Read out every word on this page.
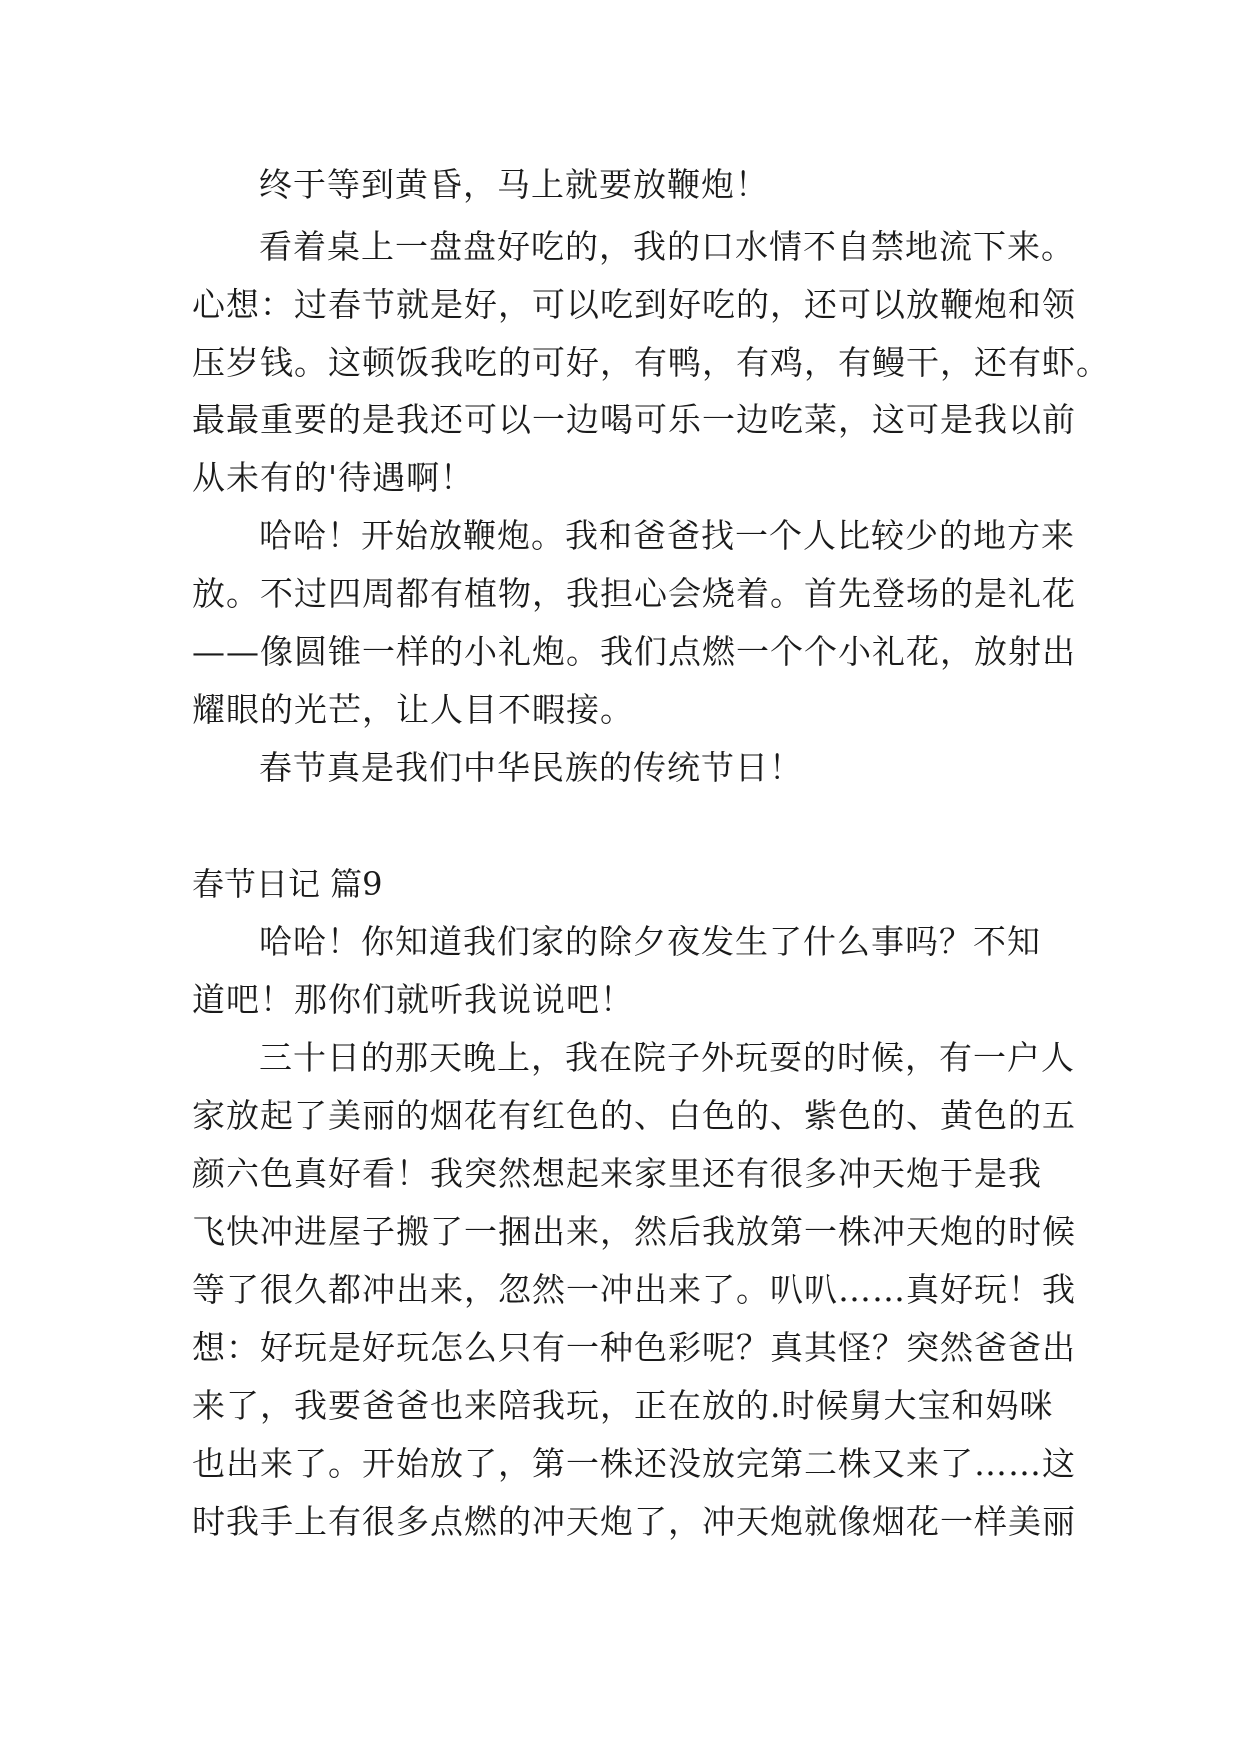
终于等到黄昏，马上就要放鞭炮！
看着桌上一盘盘好吃的，我的口水情不自禁地流下来。
心想：过春节就是好，可以吃到好吃的，还可以放鞭炮和领
压岁钱。这顿饭我吃的可好，有鸭，有鸡，有鳗干，还有虾。
最最重要的是我还可以一边喝可乐一边吃菜，这可是我以前
从未有的'待遇啊！
哈哈！开始放鞭炮。我和爸爸找一个人比较少的地方来
放。不过四周都有植物，我担心会烧着。首先登场的是礼花
——像圆锥一样的小礼炮。我们点燃一个个小礼花，放射出
耀眼的光芒，让人目不暇接。
春节真是我们中华民族的传统节日！
春节日记 篇9
哈哈！你知道我们家的除夕夜发生了什么事吗？不知
道吧！那你们就听我说说吧！
三十日的那天晚上，我在院子外玩耍的时候，有一户人
家放起了美丽的烟花有红色的、白色的、紫色的、黄色的五
颜六色真好看！我突然想起来家里还有很多冲天炮于是我
飞快冲进屋子搬了一捆出来，然后我放第一株冲天炮的时候
等了很久都冲出来，忽然一冲出来了。叭叭……真好玩！我
想：好玩是好玩怎么只有一种色彩呢？真其怪？突然爸爸出
来了，我要爸爸也来陪我玩，正在放的.时候舅大宝和妈咪
也出来了。开始放了，第一株还没放完第二株又来了……这
时我手上有很多点燃的冲天炮了，冲天炮就像烟花一样美丽
